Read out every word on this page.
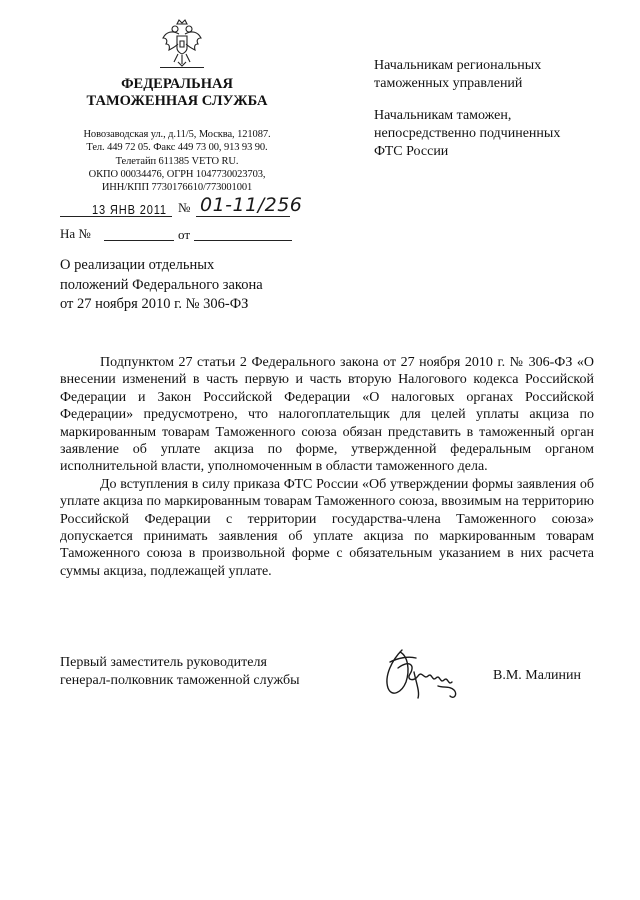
ФЕДЕРАЛЬНАЯ
ТАМОЖЕННАЯ СЛУЖБА
Новозаводская ул., д.11/5, Москва, 121087.
Тел. 449 72 05. Факс 449 73 00, 913 93 90.
Телетайп 611385 VETO RU.
ОКПО 00034476, ОГРН 1047730023703,
ИНН/КПП 7730176610/773001001
13 ЯНВ 2011 № 01-11/256
На №	от
О реализации отдельных
положений Федерального закона
от 27 ноября 2010 г. № 306-ФЗ
Начальникам региональных
таможенных управлений
Начальникам таможен,
непосредственно подчиненных
ФТС России

Подпунктом 27 статьи 2 Федерального закона от 27 ноября 2010 г. № 306-ФЗ «О внесении изменений в часть первую и часть вторую Налогового кодекса Российской Федерации и Закон Российской Федерации «О налоговых органах Российской Федерации» предусмотрено, что налогоплательщик для целей уплаты акциза по маркированным товарам Таможенного союза обязан представить в таможенный орган заявление об уплате акциза по форме, утвержденной федеральным органом исполнительной власти, уполномоченным в области таможенного дела.

До вступления в силу приказа ФТС России «Об утверждении формы заявления об уплате акциза по маркированным товарам Таможенного союза, ввозимым на территорию Российской Федерации с территории государства-члена Таможенного союза» допускается принимать заявления об уплате акциза по маркированным товарам Таможенного союза в произвольной форме с обязательным указанием в них расчета суммы акциза, подлежащей уплате.

Первый заместитель руководителя
генерал-полковник таможенной службы	В.М. Малинин
